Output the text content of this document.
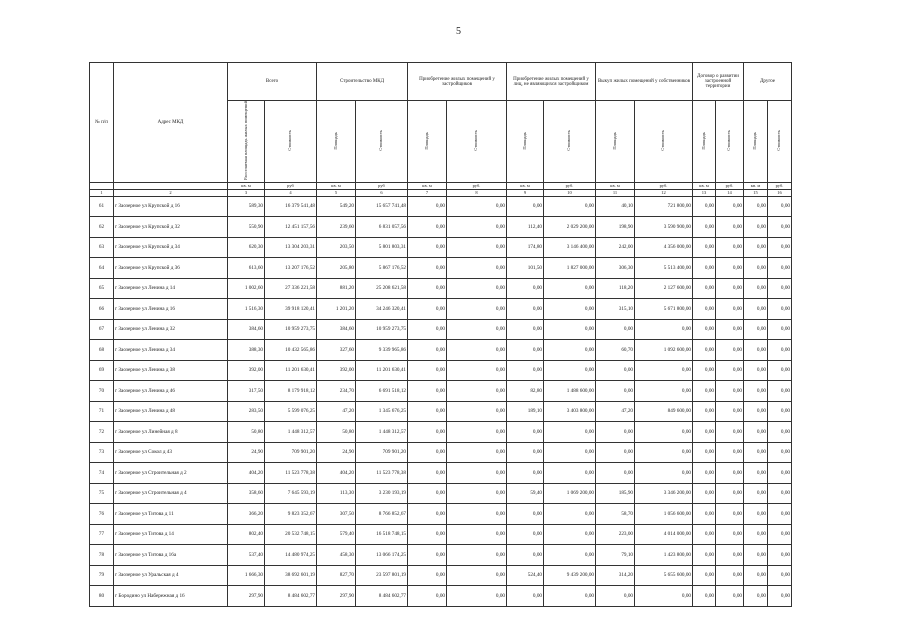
5
№ п/п	Адрес МКД	Всего		Строительство МКД		Приобретение жилых помещений у застройщиков		Приобретение жилых помещений у лиц, не являющихся застройщиком		Выкуп жилых помещений у собственников		Договор о развитии застроенной территории		Другое	
		Расселяемая площадь жилых помещений	Стоимость	Площадь	Стоимость	Площадь	Стоимость	Площадь	Стоимость	Площадь	Стоимость	Площадь	Стоимость	Площадь	Стоимость
		кв. м	руб	кв. м	руб	кв. м	руб.	кв. м	руб.	кв. м	руб.	кв. м	руб.	кв. м	руб.
1	2	3	4	5	6	7	8	9	10	11	12	13	14	15	16
61	г Заозерное ул Крупской д 16	589,30	16 379 541,48	549,20	15 657 741,48	0,00	0,00	0,00	0,00	40,10	721 800,00	0,00	0,00	0,00	0,00
62	г Заозерное ул Крупской д 32	550,90	12 451 157,56	239,60	6 831 057,56	0,00	0,00	112,40	2 029 200,00	198,90	3 590 900,00	0,00	0,00	0,00	0,00
63	г Заозерное ул Крупской д 34	620,30	13 304 203,31	203,50	5 801 803,31	0,00	0,00	174,80	3 146 400,00	242,00	4 356 000,00	0,00	0,00	0,00	0,00
64	г Заозерное ул Крупской д 36	613,60	13 207 176,52	205,80	5 867 176,52	0,00	0,00	101,50	1 827 000,00	306,30	5 513 400,00	0,00	0,00	0,00	0,00
65	г Заозерное ул Ленина д 14	1 002,60	27 336 221,58	881,20	25 208 621,58	0,00	0,00	0,00	0,00	118,20	2 127 600,00	0,00	0,00	0,00	0,00
66	г Заозерное ул Ленина д 16	1 516,30	39 918 120,41	1 201,20	34 246 320,41	0,00	0,00	0,00	0,00	315,10	5 671 800,00	0,00	0,00	0,00	0,00
67	г Заозерное ул Ленина д 32	384,60	10 959 273,75	384,60	10 959 273,75	0,00	0,00	0,00	0,00	0,00	0,00	0,00	0,00	0,00	0,00
68	г Заозерное ул Ленина д 34	388,30	10 432 565,86	327,60	9 339 965,86	0,00	0,00	0,00	0,00	60,70	1 092 600,00	0,00	0,00	0,00	0,00
69	г Заозерное ул Ленина д 38	392,00	11 201 630,41	392,00	11 201 630,41	0,00	0,00	0,00	0,00	0,00	0,00	0,00	0,00	0,00	0,00
70	г Заозерное ул Ленина д 46	317,50	8 179 918,12	234,70	6 691 518,12	0,00	0,00	82,80	1 488 600,00	0,00	0,00	0,00	0,00	0,00	0,00
71	г Заозерное ул Ленина д 48	283,50	5 599 076,25	47,20	1 345 676,25	0,00	0,00	189,10	3 403 800,00	47,20	849 600,00	0,00	0,00	0,00	0,00
72	г Заозерное ул Линейная д 8	50,80	1 448 312,57	50,80	1 448 312,57	0,00	0,00	0,00	0,00	0,00	0,00	0,00	0,00	0,00	0,00
73	г Заозерное ул Сокол д 43	24,90	709 901,20	24,90	709 901,20	0,00	0,00	0,00	0,00	0,00	0,00	0,00	0,00	0,00	0,00
74	г Заозерное ул Строительная д 2	404,20	11 523 778,38	404,20	11 523 778,38	0,00	0,00	0,00	0,00	0,00	0,00	0,00	0,00	0,00	0,00
75	г Заозерное ул Строительная д 4	358,60	7 645 593,19	113,30	3 230 193,19	0,00	0,00	59,40	1 069 200,00	185,90	3 346 200,00	0,00	0,00	0,00	0,00
76	г Заозерное ул Титова д 11	366,20	9 823 352,67	307,50	8 766 852,67	0,00	0,00	0,00	0,00	58,70	1 056 600,00	0,00	0,00	0,00	0,00
77	г Заозерное ул Титова д 14	802,40	20 532 748,15	579,40	16 518 748,15	0,00	0,00	0,00	0,00	223,00	4 014 000,00	0,00	0,00	0,00	0,00
78	г Заозерное ул Титова д 16а	537,40	14 480 974,25	458,30	13 066 174,25	0,00	0,00	0,00	0,00	79,10	1 423 800,00	0,00	0,00	0,00	0,00
79	г Заозерное ул Уральская д 4	1 666,30	38 692 601,19	827,70	23 597 801,19	0,00	0,00	524,40	9 439 200,00	314,20	5 655 600,00	0,00	0,00	0,00	0,00
80	г Бородино ул Набережная д 16	297,90	8 484 602,77	297,90	8 484 602,77	0,00	0,00	0,00	0,00	0,00	0,00	0,00	0,00	0,00	0,00
